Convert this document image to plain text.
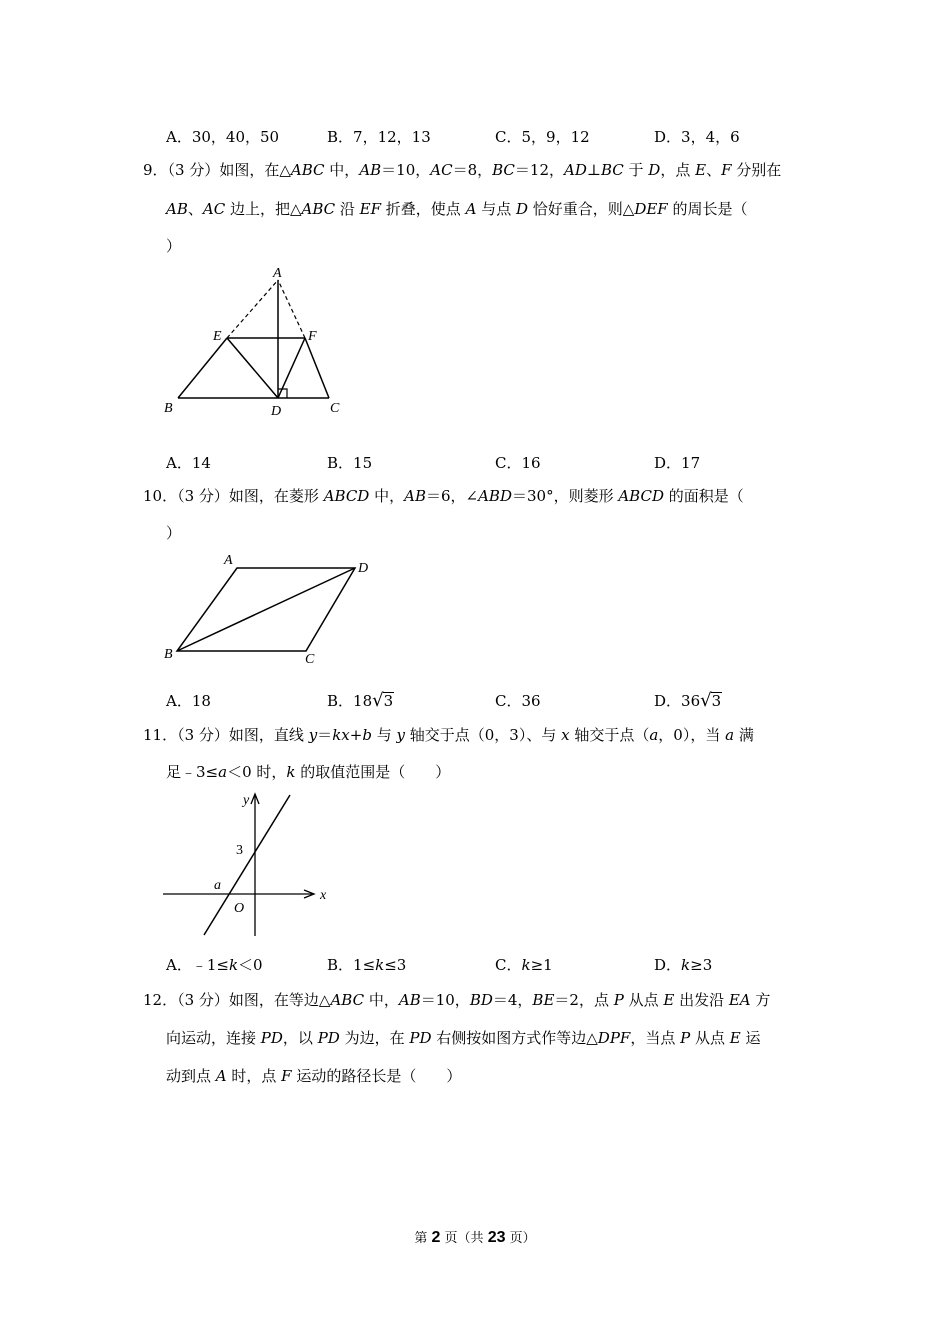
A．30，40，50	B．7，12，13	C．5，9，12	D．3，4，6
9．（3 分）如图，在△ABC 中，AB＝10，AC＝8，BC＝12，AD⊥BC 于 D，点 E、F 分别在
AB、AC 边上，把△ABC 沿 EF 折叠，使点 A 与点 D 恰好重合，则△DEF 的周长是（
）
A
E	F
B	D	C
A．14	B．15	C．16	D．17
10．（3 分）如图，在菱形 ABCD 中，AB＝6，∠ABD＝30°，则菱形 ABCD 的面积是（
）
A
D
B	C
A．18	B．18√3	C．36	D．36√3
11．（3 分）如图，直线 y＝kx+b 与 y 轴交于点（0，3）、与 x 轴交于点（a，0），当 a 满
足﹣3≤a＜0 时，k 的取值范围是（　　）
y
x
3
a
O
A．﹣1≤k＜0	B．1≤k≤3	C．k≥1	D．k≥3
12．（3 分）如图，在等边△ABC 中，AB＝10，BD＝4，BE＝2，点 P 从点 E 出发沿 EA 方
向运动，连接 PD，以 PD 为边，在 PD 右侧按如图方式作等边△DPF，当点 P 从点 E 运
动到点 A 时，点 F 运动的路径长是（　　）
第 2 页（共 23 页）
